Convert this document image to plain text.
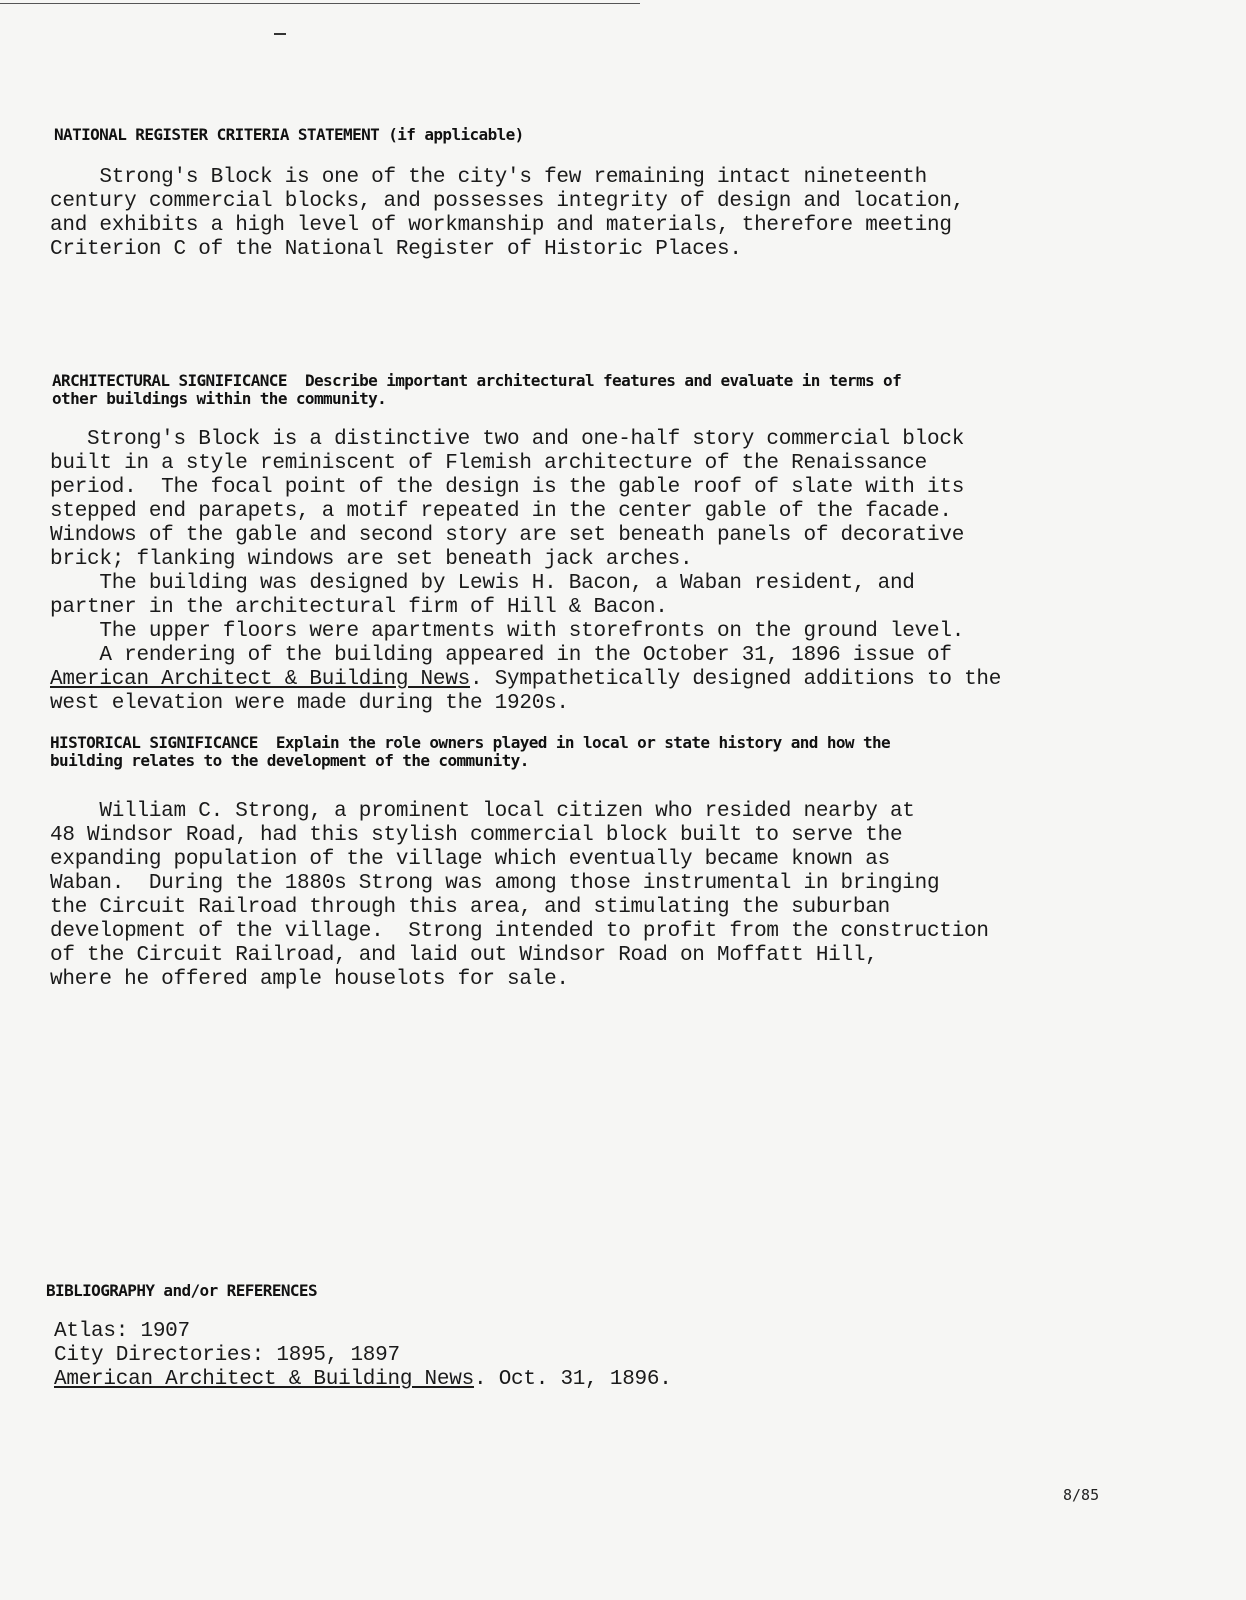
NATIONAL REGISTER CRITERIA STATEMENT (if applicable)
Strong's Block is one of the city's few remaining intact nineteenth
century commercial blocks, and possesses integrity of design and location,
and exhibits a high level of workmanship and materials, therefore meeting
Criterion C of the National Register of Historic Places.
ARCHITECTURAL SIGNIFICANCE Describe important architectural features and evaluate in terms of
other buildings within the community.
Strong's Block is a distinctive two and one-half story commercial block
built in a style reminiscent of Flemish architecture of the Renaissance
period.  The focal point of the design is the gable roof of slate with its
stepped end parapets, a motif repeated in the center gable of the facade.
Windows of the gable and second story are set beneath panels of decorative
brick; flanking windows are set beneath jack arches.
The building was designed by Lewis H. Bacon, a Waban resident, and
partner in the architectural firm of Hill & Bacon.
The upper floors were apartments with storefronts on the ground level.
A rendering of the building appeared in the October 31, 1896 issue of
American Architect & Building News. Sympathetically designed additions to the
west elevation were made during the 1920s.
HISTORICAL SIGNIFICANCE Explain the role owners played in local or state history and how the
building relates to the development of the community.
William C. Strong, a prominent local citizen who resided nearby at
48 Windsor Road, had this stylish commercial block built to serve the
expanding population of the village which eventually became known as
Waban.  During the 1880s Strong was among those instrumental in bringing
the Circuit Railroad through this area, and stimulating the suburban
development of the village.  Strong intended to profit from the construction
of the Circuit Railroad, and laid out Windsor Road on Moffatt Hill,
where he offered ample houselots for sale.
BIBLIOGRAPHY and/or REFERENCES
Atlas: 1907
City Directories: 1895, 1897
American Architect & Building News. Oct. 31, 1896.
8/85
